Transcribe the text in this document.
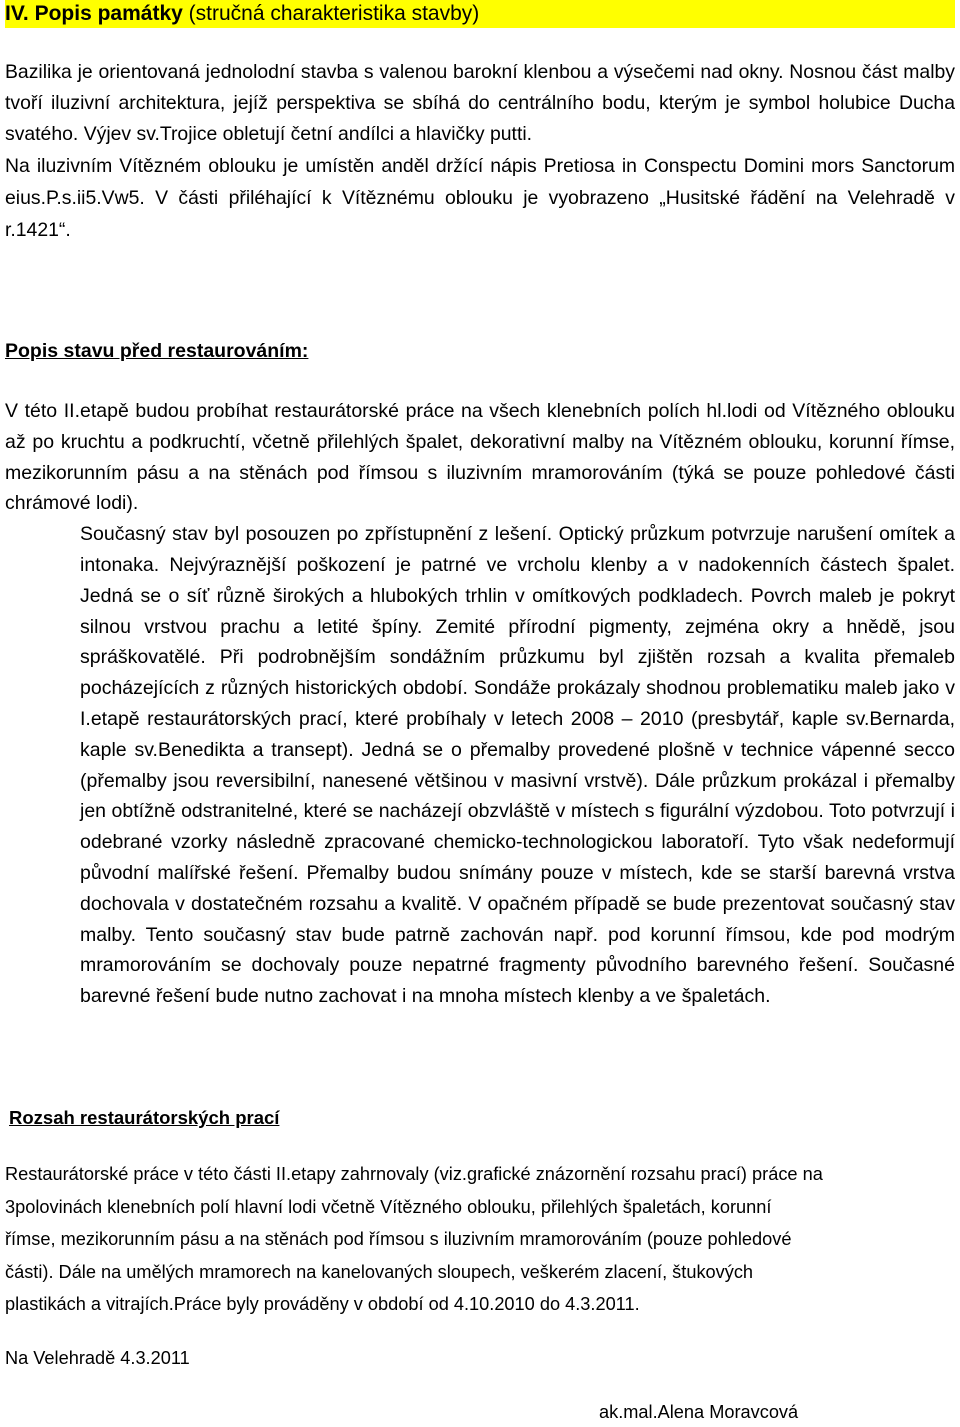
IV. Popis památky (stručná charakteristika stavby)

Bazilika je orientovaná jednolodní stavba s valenou barokní klenbou a výsečemi nad okny. Nosnou část malby tvoří iluzivní architektura, jejíž perspektiva se sbíhá do centrálního bodu, kterým je symbol holubice Ducha svatého. Výjev sv.Trojice obletují četní andílci a hlavičky putti.

Na iluzivním Vítězném oblouku je umístěn anděl držící nápis Pretiosa in Conspectu Domini mors Sanctorum eius.P.s.ii5.Vw5. V části přiléhající k Vítěznému oblouku je vyobrazeno „Husitské řádění na Velehradě v r.1421“.

Popis stavu před restaurováním:
V této II.etapě budou probíhat restaurátorské práce na všech klenebních polích hl.lodi od Vítězného oblouku až po kruchtu a podkruchtí, včetně přilehlých špalet, dekorativní malby na Vítězném oblouku, korunní římse, mezikorunním pásu a na stěnách pod římsou s iluzivním mramorováním (týká se pouze pohledové části chrámové lodi).
Současný stav byl posouzen po zpřístupnění z lešení. Optický průzkum potvrzuje narušení omítek a intonaka. Nejvýraznější poškození je patrné ve vrcholu klenby a v nadokenních částech špalet. Jedná se o síť různě širokých a hlubokých trhlin v omítkových podkladech. Povrch maleb je pokryt silnou vrstvou prachu a letité špíny. Zemité přírodní pigmenty, zejména okry a hnědě, jsou spráškovatělé. Při podrobnějším sondážním průzkumu byl zjištěn rozsah a kvalita přemaleb pocházejících z různých historických období. Sondáže prokázaly shodnou problematiku maleb jako v I.etapě restaurátorských prací, které probíhaly v letech 2008 – 2010 (presbytář, kaple sv.Bernarda, kaple sv.Benedikta a transept). Jedná se o přemalby provedené plošně v technice vápenné secco (přemalby jsou reversibilní, nanesené většinou v masivní vrstvě). Dále průzkum prokázal i přemalby jen obtížně odstranitelné, které se nacházejí obzvláště v místech s figurální výzdobou. Toto potvrzují i odebrané vzorky následně zpracované chemicko-technologickou laboratoří. Tyto však nedeformují původní malířské řešení. Přemalby budou snímány pouze v místech, kde se starší barevná vrstva dochovala v dostatečném rozsahu a kvalitě. V opačném případě se bude prezentovat současný stav malby. Tento současný stav bude patrně zachován např. pod korunní římsou, kde pod modrým mramorováním se dochovaly pouze nepatrné fragmenty původního barevného řešení. Současné barevné řešení bude nutno zachovat i na mnoha místech klenby a ve špaletách.
Rozsah restaurátorských prací
Restaurátorské práce v této části II.etapy zahrnovaly (viz.grafické znázornění rozsahu prací) práce na
3polovinách klenebních polí hlavní lodi včetně Vítězného oblouku, přilehlých špaletách, korunní
římse, mezikorunním pásu a na stěnách pod římsou s iluzivním mramorováním (pouze pohledové
části). Dále na umělých mramorech na kanelovaných sloupech, veškerém zlacení, štukových
plastikách a vitrajích.Práce byly prováděny v období od 4.10.2010 do 4.3.2011.
Na Velehradě 4.3.2011
ak.mal.Alena Moravcová
